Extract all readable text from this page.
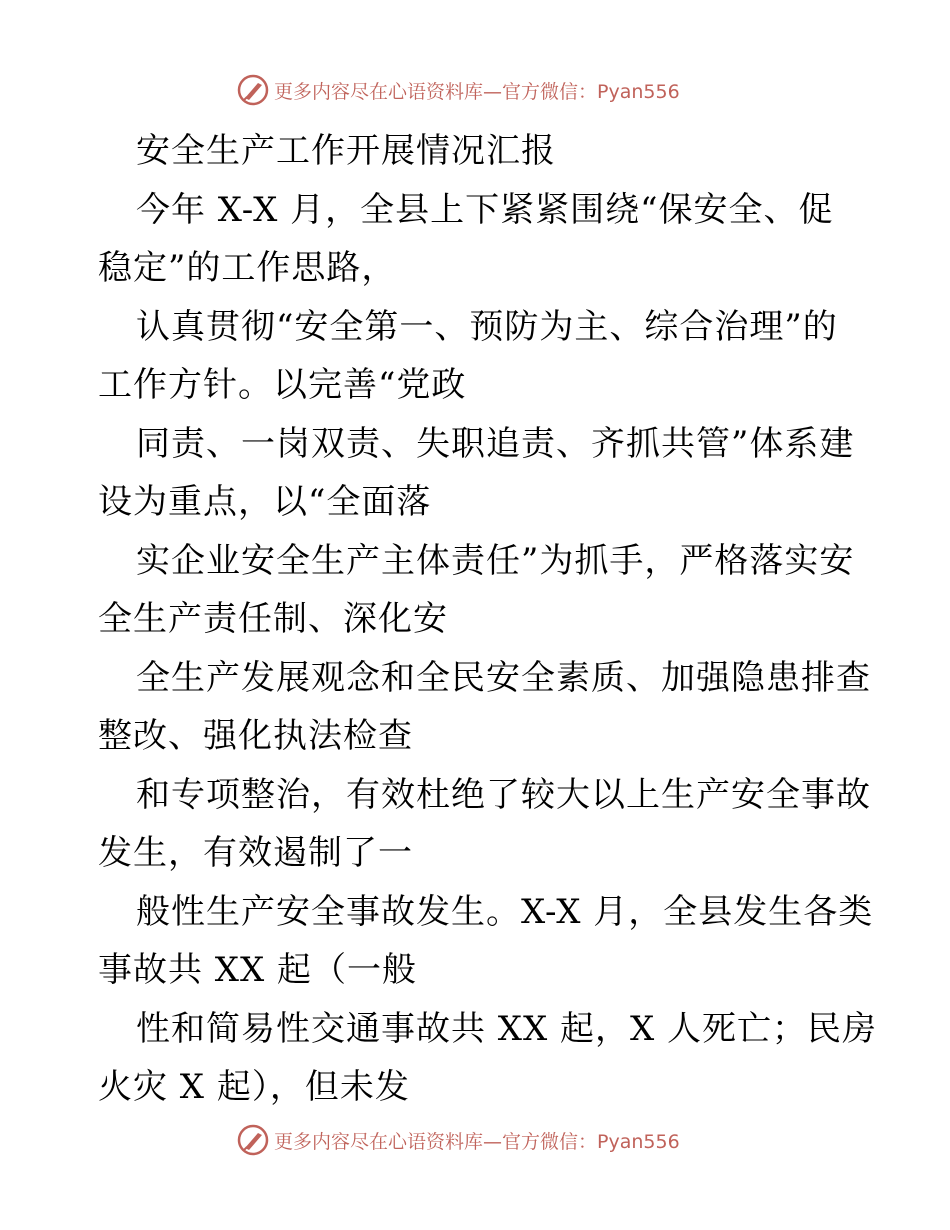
更多内容尽在心语资料库—官方微信：Pyan556
安全生产工作开展情况汇报
今年 X-X 月，全县上下紧紧围绕“保安全、促
稳定”的工作思路，
认真贯彻“安全第一、预防为主、综合治理”的
工作方针。以完善“党政
同责、一岗双责、失职追责、齐抓共管”体系建
设为重点，以“全面落
实企业安全生产主体责任”为抓手，严格落实安
全生产责任制、深化安
全生产发展观念和全民安全素质、加强隐患排查
整改、强化执法检查
和专项整治，有效杜绝了较大以上生产安全事故
发生，有效遏制了一
般性生产安全事故发生。X-X 月，全县发生各类
事故共 XX 起（一般
性和简易性交通事故共 XX 起，X 人死亡；民房
火灾 X 起），但未发
更多内容尽在心语资料库—官方微信：Pyan556
